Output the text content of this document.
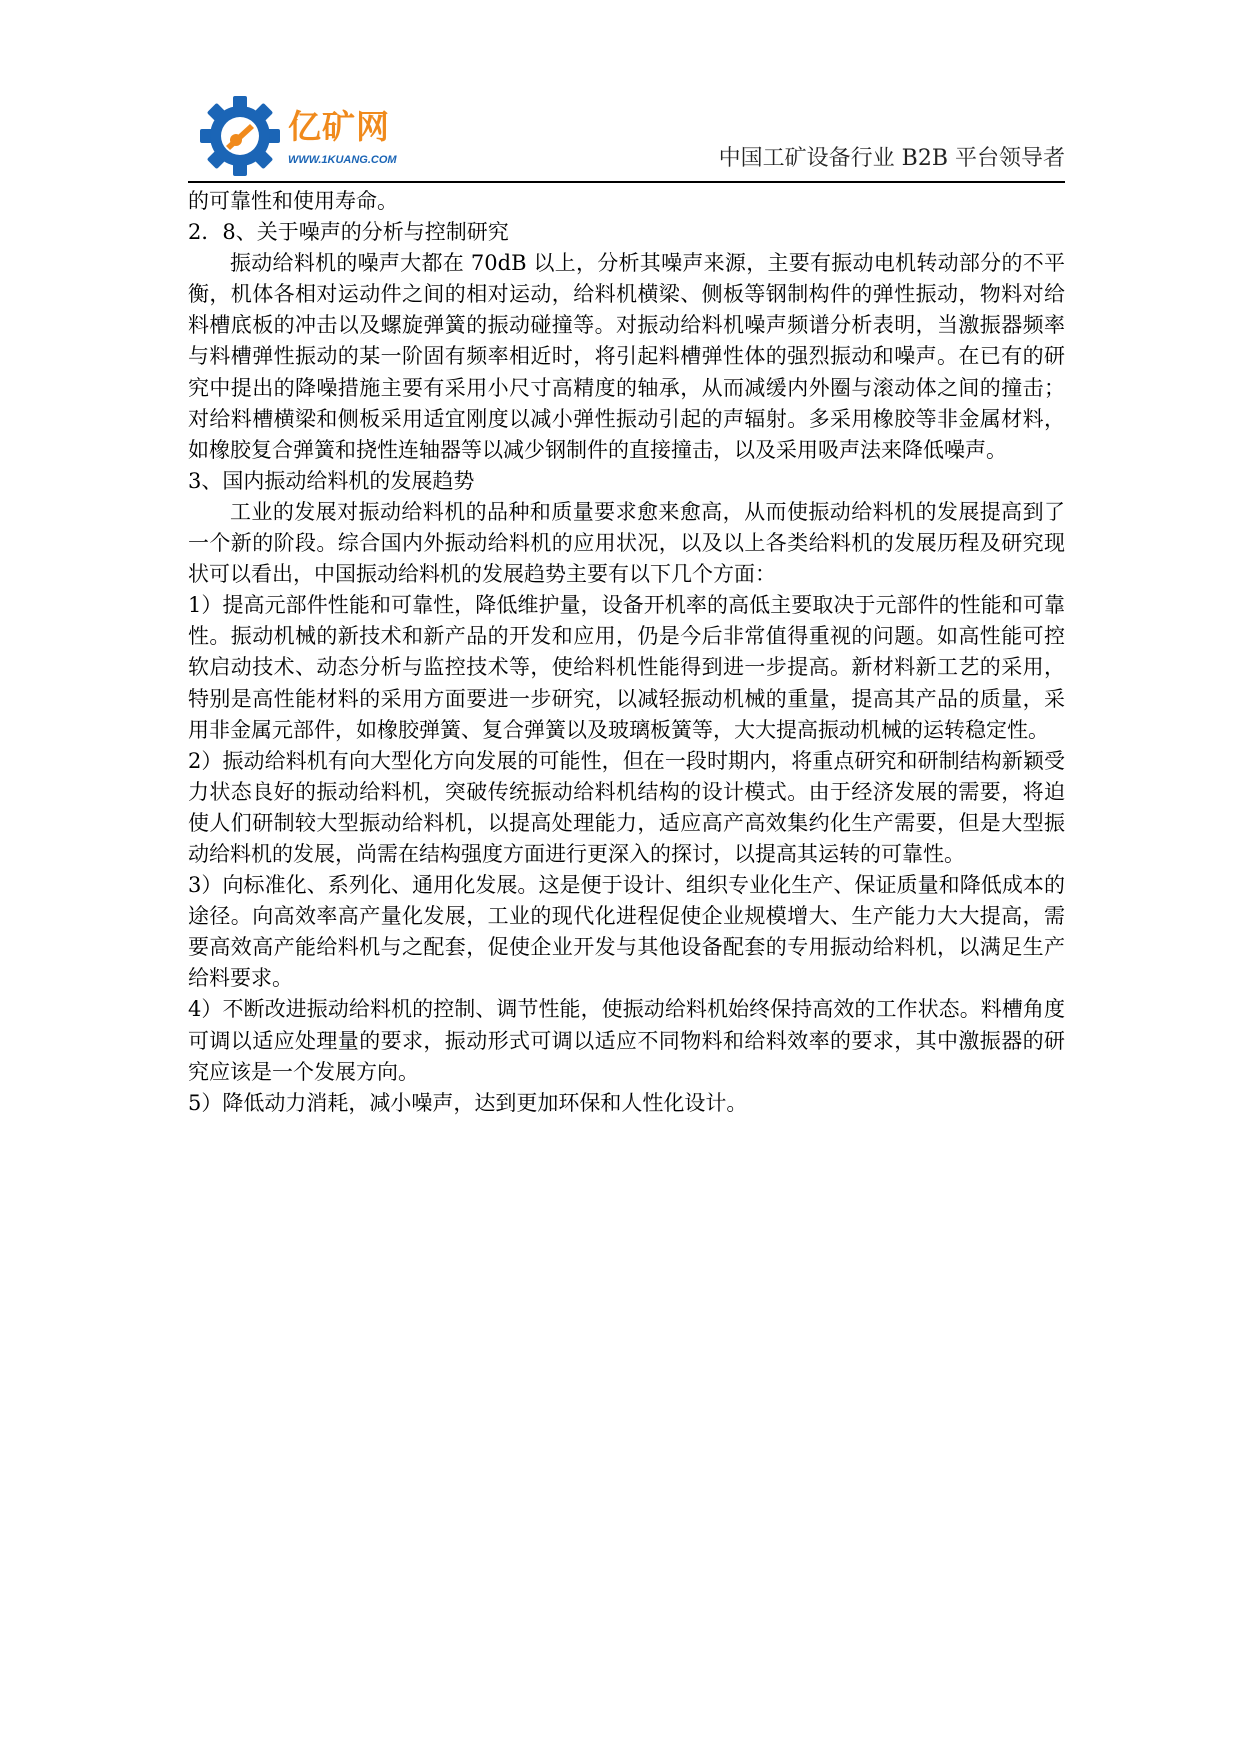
亿矿网
WWW.1KUANG.COM	中国工矿设备行业 B2B 平台领导者

的可靠性和使用寿命。

2．8、关于噪声的分析与控制研究

振动给料机的噪声大都在 70dB 以上，分析其噪声来源，主要有振动电机转动部分的不平衡，机体各相对运动件之间的相对运动，给料机横梁、侧板等钢制构件的弹性振动，物料对给料槽底板的冲击以及螺旋弹簧的振动碰撞等。对振动给料机噪声频谱分析表明，当激振器频率与料槽弹性振动的某一阶固有频率相近时，将引起料槽弹性体的强烈振动和噪声。在已有的研究中提出的降噪措施主要有采用小尺寸高精度的轴承，从而减缓内外圈与滚动体之间的撞击；对给料槽横梁和侧板采用适宜刚度以减小弹性振动引起的声辐射。多采用橡胶等非金属材料，如橡胶复合弹簧和挠性连轴器等以减少钢制件的直接撞击，以及采用吸声法来降低噪声。

3、国内振动给料机的发展趋势

工业的发展对振动给料机的品种和质量要求愈来愈高，从而使振动给料机的发展提高到了一个新的阶段。综合国内外振动给料机的应用状况，以及以上各类给料机的发展历程及研究现状可以看出，中国振动给料机的发展趋势主要有以下几个方面：

1）提高元部件性能和可靠性，降低维护量，设备开机率的高低主要取决于元部件的性能和可靠性。振动机械的新技术和新产品的开发和应用，仍是今后非常值得重视的问题。如高性能可控软启动技术、动态分析与监控技术等，使给料机性能得到进一步提高。新材料新工艺的采用，特别是高性能材料的采用方面要进一步研究，以减轻振动机械的重量，提高其产品的质量，采用非金属元部件，如橡胶弹簧、复合弹簧以及玻璃板簧等，大大提高振动机械的运转稳定性。

2）振动给料机有向大型化方向发展的可能性，但在一段时期内，将重点研究和研制结构新颖受力状态良好的振动给料机，突破传统振动给料机结构的设计模式。由于经济发展的需要，将迫使人们研制较大型振动给料机，以提高处理能力，适应高产高效集约化生产需要，但是大型振动给料机的发展，尚需在结构强度方面进行更深入的探讨，以提高其运转的可靠性。

3）向标准化、系列化、通用化发展。这是便于设计、组织专业化生产、保证质量和降低成本的途径。向高效率高产量化发展，工业的现代化进程促使企业规模增大、生产能力大大提高，需要高效高产能给料机与之配套，促使企业开发与其他设备配套的专用振动给料机，以满足生产给料要求。

4）不断改进振动给料机的控制、调节性能，使振动给料机始终保持高效的工作状态。料槽角度可调以适应处理量的要求，振动形式可调以适应不同物料和给料效率的要求，其中激振器的研究应该是一个发展方向。

5）降低动力消耗，减小噪声，达到更加环保和人性化设计。
